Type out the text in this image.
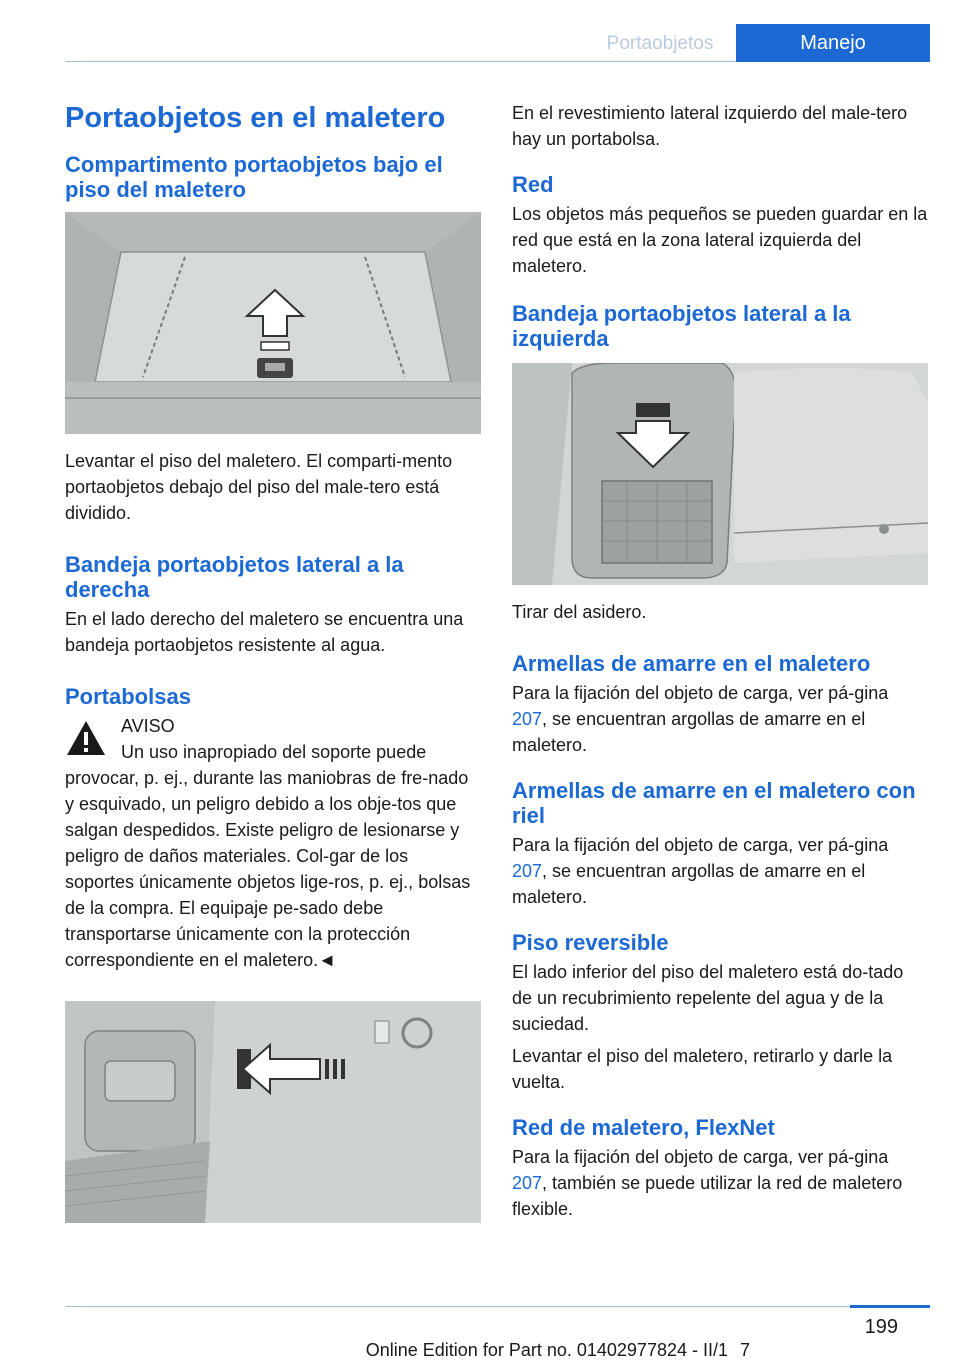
Portaobjetos	Manejo
Portaobjetos en el maletero
Compartimento portaobjetos bajo el piso del maletero

Levantar el piso del maletero. El comparti‐mento portaobjetos debajo del piso del male‐tero está dividido.

Bandeja portaobjetos lateral a la derecha

En el lado derecho del maletero se encuentra una bandeja portaobjetos resistente al agua.

Portabolsas
AVISO

Un uso inapropiado del soporte puede provocar, p. ej., durante las maniobras de fre‐nado y esquivado, un peligro debido a los obje‐tos que salgan despedidos. Existe peligro de lesionarse y peligro de daños materiales. Col‐gar de los soportes únicamente objetos lige‐ros, p. ej., bolsas de la compra. El equipaje pe‐sado debe transportarse únicamente con la protección correspondiente en el maletero.◄

En el revestimiento lateral izquierdo del male‐tero hay un portabolsa.

Red

Los objetos más pequeños se pueden guardar en la red que está en la zona lateral izquierda del maletero.

Bandeja portaobjetos lateral a la izquierda

Tirar del asidero.

Armellas de amarre en el maletero

Para la fijación del objeto de carga, ver pá‐gina 207, se encuentran argollas de amarre en el maletero.

Armellas de amarre en el maletero con riel

Para la fijación del objeto de carga, ver pá‐gina 207, se encuentran argollas de amarre en el maletero.

Piso reversible

El lado inferior del piso del maletero está do‐tado de un recubrimiento repelente del agua y de la suciedad.

Levantar el piso del maletero, retirarlo y darle la vuelta.

Red de maletero, FlexNet

Para la fijación del objeto de carga, ver pá‐gina 207, también se puede utilizar la red de maletero flexible.

199
Online Edition for Part no. 01402977824 - II/1 7
